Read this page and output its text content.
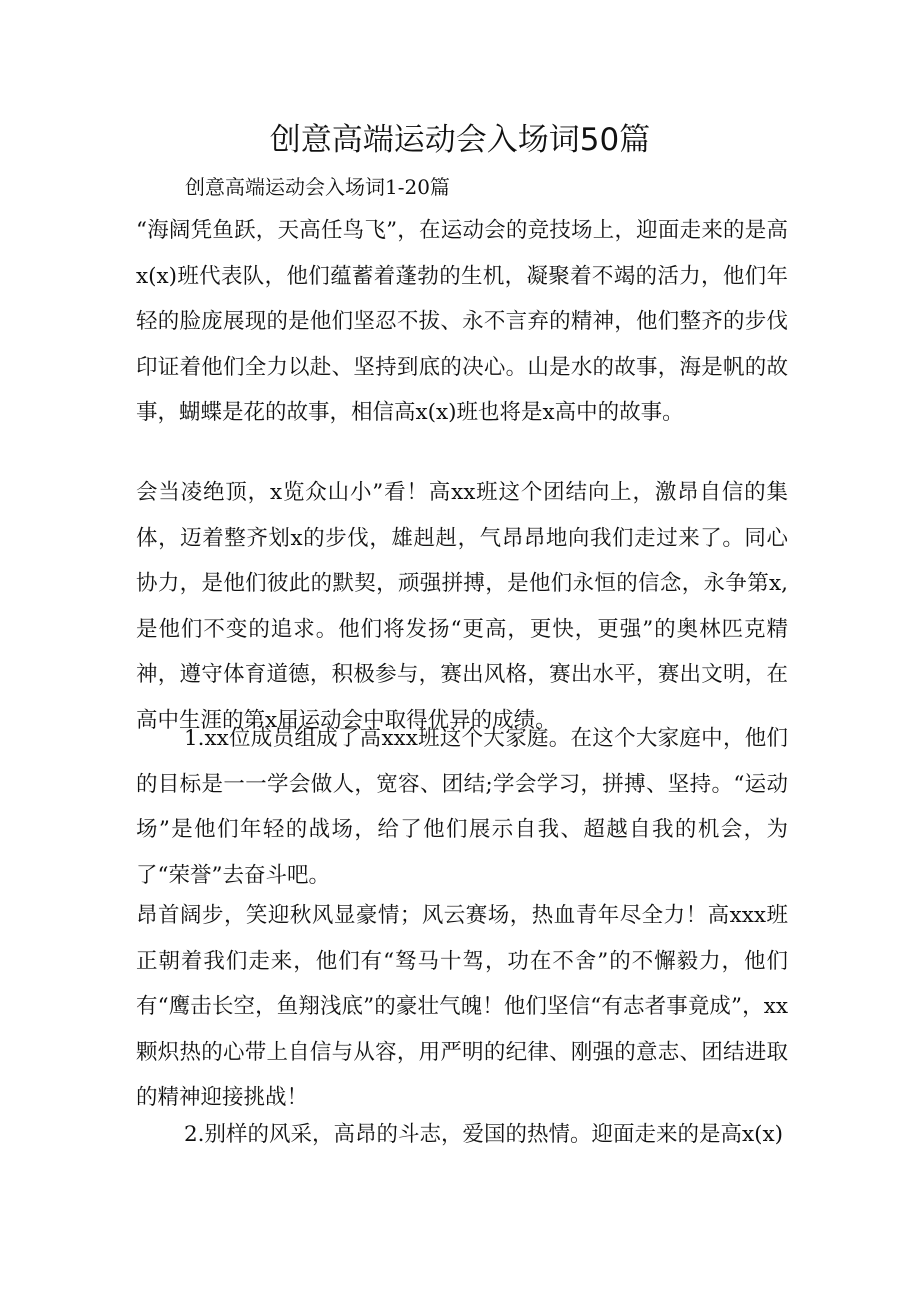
创意高端运动会入场词50篇

创意高端运动会入场词1-20篇

“海阔凭鱼跃，天高任鸟飞”，在运动会的竞技场上，迎面走来的是高x(x)班代表队，他们蕴蓄着蓬勃的生机，凝聚着不竭的活力，他们年轻的脸庞展现的是他们坚忍不拔、永不言弃的精神，他们整齐的步伐印证着他们全力以赴、坚持到底的决心。山是水的故事，海是帆的故事，蝴蝶是花的故事，相信高x(x)班也将是x高中的故事。

会当凌绝顶，x览众山小”看！高xx班这个团结向上，激昂自信的集体，迈着整齐划x的步伐，雄赳赳，气昂昂地向我们走过来了。同心协力，是他们彼此的默契，顽强拼搏，是他们永恒的信念，永争第x,是他们不变的追求。他们将发扬“更高，更快，更强”的奥林匹克精神，遵守体育道德，积极参与，赛出风格，赛出水平，赛出文明，在高中生涯的第x届运动会中取得优异的成绩。

1.xx位成员组成了高xxx班这个大家庭。在这个大家庭中，他们的目标是一一学会做人，宽容、团结;学会学习，拼搏、坚持。“运动场”是他们年轻的战场，给了他们展示自我、超越自我的机会，为了“荣誉”去奋斗吧。

昂首阔步，笑迎秋风显豪情；风云赛场，热血青年尽全力！高xxx班正朝着我们走来，他们有“驽马十驾，功在不舍”的不懈毅力，他们有“鹰击长空，鱼翔浅底”的豪壮气魄！他们坚信“有志者事竟成”，xx颗炽热的心带上自信与从容，用严明的纪律、刚强的意志、团结进取的精神迎接挑战！

2.别样的风采，高昂的斗志，爱国的热情。迎面走来的是高x(x)
